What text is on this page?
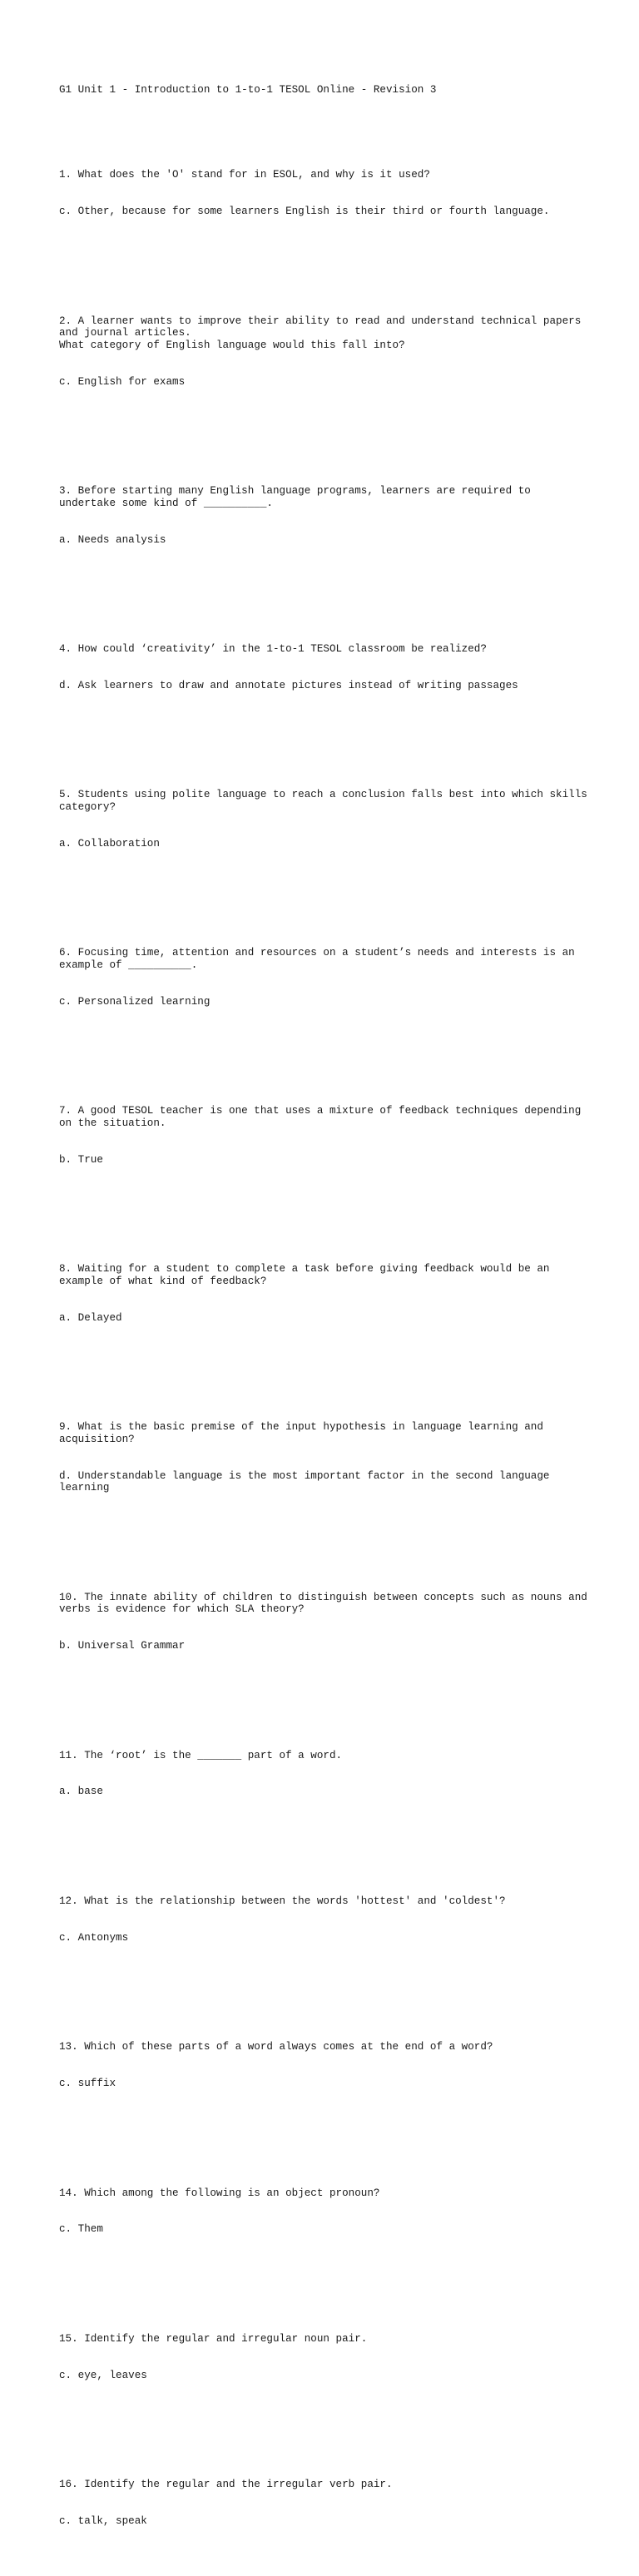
G1 Unit 1 - Introduction to 1-to-1 TESOL Online - Revision 3

1. What does the 'O' stand for in ESOL, and why is it used?

c. Other, because for some learners English is their third or fourth language.

2. A learner wants to improve their ability to read and understand technical papers and journal articles.
What category of English language would this fall into?

c. English for exams

3. Before starting many English language programs, learners are required to undertake some kind of __________.

a. Needs analysis

4. How could ‘creativity’ in the 1-to-1 TESOL classroom be realized?

d. Ask learners to draw and annotate pictures instead of writing passages

5. Students using polite language to reach a conclusion falls best into which skills category?

a. Collaboration

6. Focusing time, attention and resources on a student’s needs and interests is an example of __________.

c. Personalized learning

7. A good TESOL teacher is one that uses a mixture of feedback techniques depending on the situation.

b. True

8. Waiting for a student to complete a task before giving feedback would be an example of what kind of feedback?

a. Delayed

9. What is the basic premise of the input hypothesis in language learning and acquisition?

d. Understandable language is the most important factor in the second language learning

10. The innate ability of children to distinguish between concepts such as nouns and verbs is evidence for which SLA theory?

b. Universal Grammar

11. The ‘root’ is the _______ part of a word.

a. base

12. What is the relationship between the words 'hottest' and 'coldest'?

c. Antonyms

13. Which of these parts of a word always comes at the end of a word?

c. suffix

14. Which among the following is an object pronoun?

c. Them

15. Identify the regular and irregular noun pair.

c. eye, leaves

16. Identify the regular and the irregular verb pair.

c. talk, speak
